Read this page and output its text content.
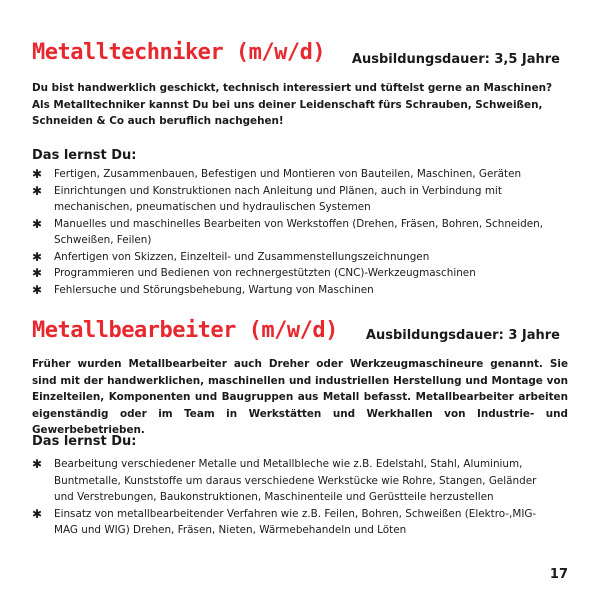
Metalltechniker (m/w/d) Ausbildungsdauer: 3,5 Jahre

Du bist handwerklich geschickt, technisch interessiert und tüftelst gerne an Maschinen?

Als Metalltechniker kannst Du bei uns deiner Leidenschaft fürs Schrauben, Schweißen, Schneiden & Co auch beruflich nachgehen!

Das lernst Du:
✱ Fertigen, Zusammenbauen, Befestigen und Montieren von Bauteilen, Maschinen, Geräten
✱ Einrichtungen und Konstruktionen nach Anleitung und Plänen, auch in Verbindung mit mechanischen, pneumatischen und hydraulischen Systemen
✱ Manuelles und maschinelles Bearbeiten von Werkstoffen (Drehen, Fräsen, Bohren, Schneiden, Schweißen, Feilen)
✱ Anfertigen von Skizzen, Einzelteil- und Zusammenstellungszeichnungen
✱ Programmieren und Bedienen von rechnergestützten (CNC)-Werkzeugmaschinen
✱ Fehlersuche und Störungsbehebung, Wartung von Maschinen
Metallbearbeiter (m/w/d) Ausbildungsdauer: 3 Jahre

Früher wurden Metallbearbeiter auch Dreher oder Werkzeugmaschineure genannt. Sie sind mit der handwerklichen, maschinellen und industriellen Herstellung und Montage von Einzelteilen, Komponenten und Baugruppen aus Metall befasst. Metallbearbeiter arbeiten eigenständig oder im Team in Werkstätten und Werkhallen von Industrie- und Gewerbebetrieben.

Das lernst Du:
✱ Bearbeitung verschiedener Metalle und Metallbleche wie z.B. Edelstahl, Stahl, Aluminium, Buntmetalle, Kunststoffe um daraus verschiedene Werkstücke wie Rohre, Stangen, Geländer und Verstrebungen, Baukonstruktionen, Maschinenteile und Gerüstteile herzustellen
✱ Einsatz von metallbearbeitender Verfahren wie z.B. Feilen, Bohren, Schweißen (Elektro-,MIG-MAG und WIG) Drehen, Fräsen, Nieten, Wärmebehandeln und Löten
17
